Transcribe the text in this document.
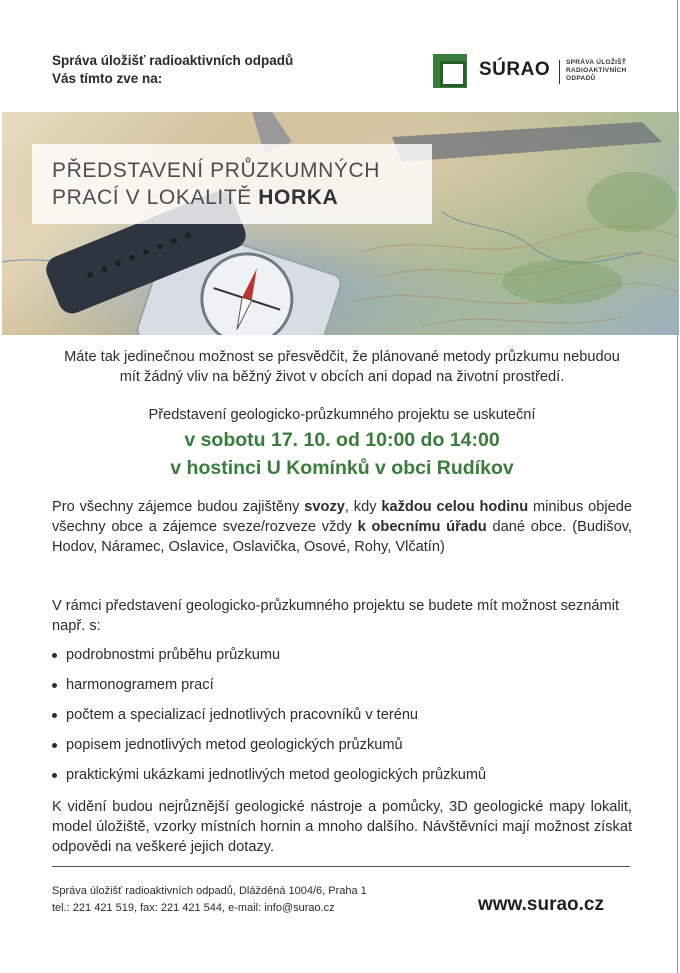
Správa úložišť radioaktivních odpadů
Vás tímto zve na:	SÚRAO SPRÁVA ÚLOŽIŠŤ
RADIOAKTIVNÍCH
ODPADŮ
PŘEDSTAVENÍ PRŮZKUMNÝCH
PRACÍ V LOKALITĚ HORKA

Máte tak jedinečnou možnost se přesvědčit, že plánované metody průzkumu nebudou mít žádný vliv na běžný život v obcích ani dopad na životní prostředí.

Představení geologicko-průzkumného projektu se uskuteční

v sobotu 17. 10. od 10:00 do 14:00
v hostinci U Komínků v obci Rudíkov

Pro všechny zájemce budou zajištěny svozy, kdy každou celou hodinu minibus objede všechny obce a zájemce sveze/rozveze vždy k obecnímu úřadu dané obce. (Budišov, Hodov, Náramec, Oslavice, Oslavička, Osové, Rohy, Vlčatín)

V rámci představení geologicko-průzkumného projektu se budete mít možnost seznámit např. s:

podrobnostmi průběhu průzkumu
harmonogramem prací
počtem a specializací jednotlivých pracovníků v terénu
popisem jednotlivých metod geologických průzkumů
praktickými ukázkami jednotlivých metod geologických průzkumů

K vidění budou nejrůznější geologické nástroje a pomůcky, 3D geologické mapy lokalit, model úložiště, vzorky místních hornin a mnoho dalšího. Návštěvníci mají možnost získat odpovědi na veškeré jejich dotazy.

Správa úložišť radioaktivních odpadů, Dlážděná 1004/6, Praha 1
tel.: 221 421 519, fax: 221 421 544, e-mail: info@surao.cz	www.surao.cz
